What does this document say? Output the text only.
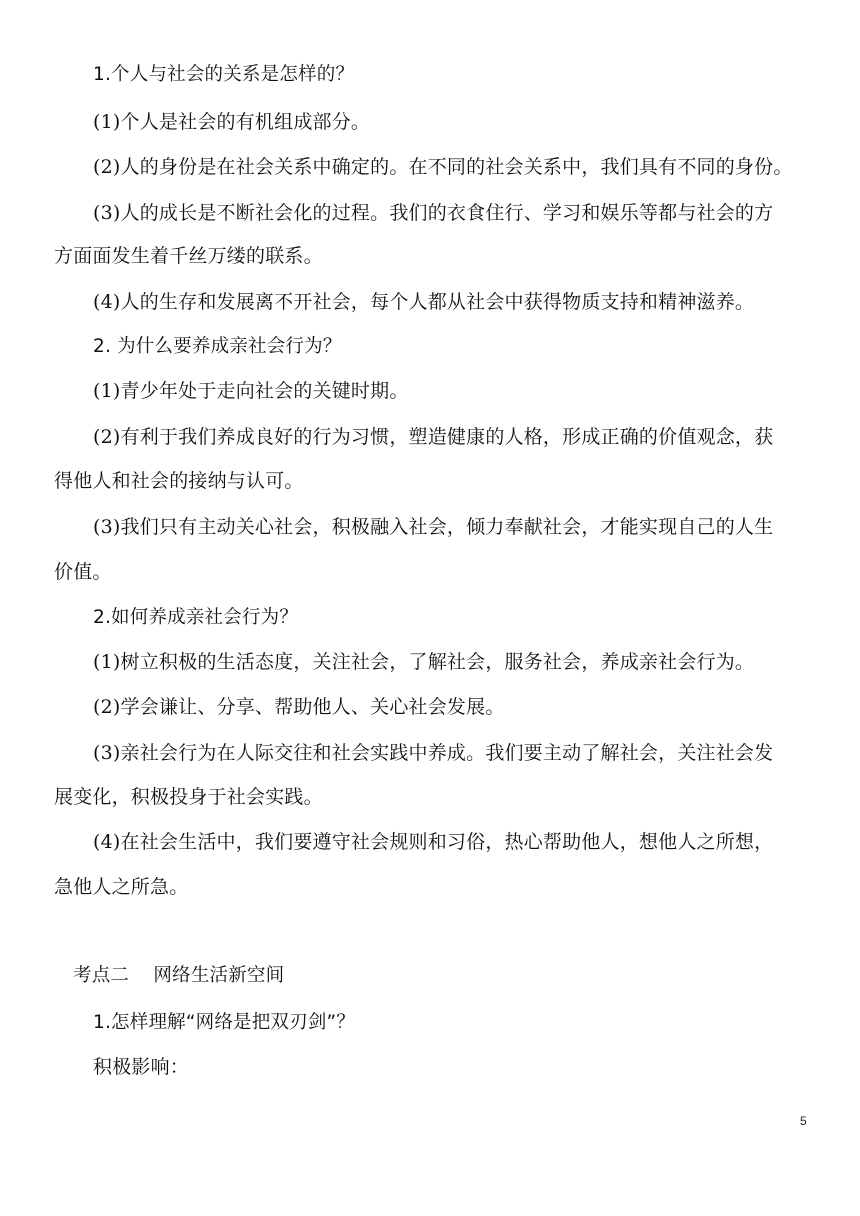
1.个人与社会的关系是怎样的？
(1)个人是社会的有机组成部分。
(2)人的身份是在社会关系中确定的。在不同的社会关系中，我们具有不同的身份。
(3)人的成长是不断社会化的过程。我们的衣食住行、学习和娱乐等都与社会的方
方面面发生着千丝万缕的联系。
(4)人的生存和发展离不开社会，每个人都从社会中获得物质支持和精神滋养。
2. 为什么要养成亲社会行为？
(1)青少年处于走向社会的关键时期。
(2)有利于我们养成良好的行为习惯，塑造健康的人格，形成正确的价值观念，获
得他人和社会的接纳与认可。
(3)我们只有主动关心社会，积极融入社会，倾力奉献社会，才能实现自己的人生
价值。
2.如何养成亲社会行为？
(1)树立积极的生活态度，关注社会，了解社会，服务社会，养成亲社会行为。
(2)学会谦让、分享、帮助他人、关心社会发展。
(3)亲社会行为在人际交往和社会实践中养成。我们要主动了解社会，关注社会发
展变化，积极投身于社会实践。
(4)在社会生活中，我们要遵守社会规则和习俗，热心帮助他人，想他人之所想，
急他人之所急。
考点二    网络生活新空间
1.怎样理解“网络是把双刃剑”？
积极影响：
5
